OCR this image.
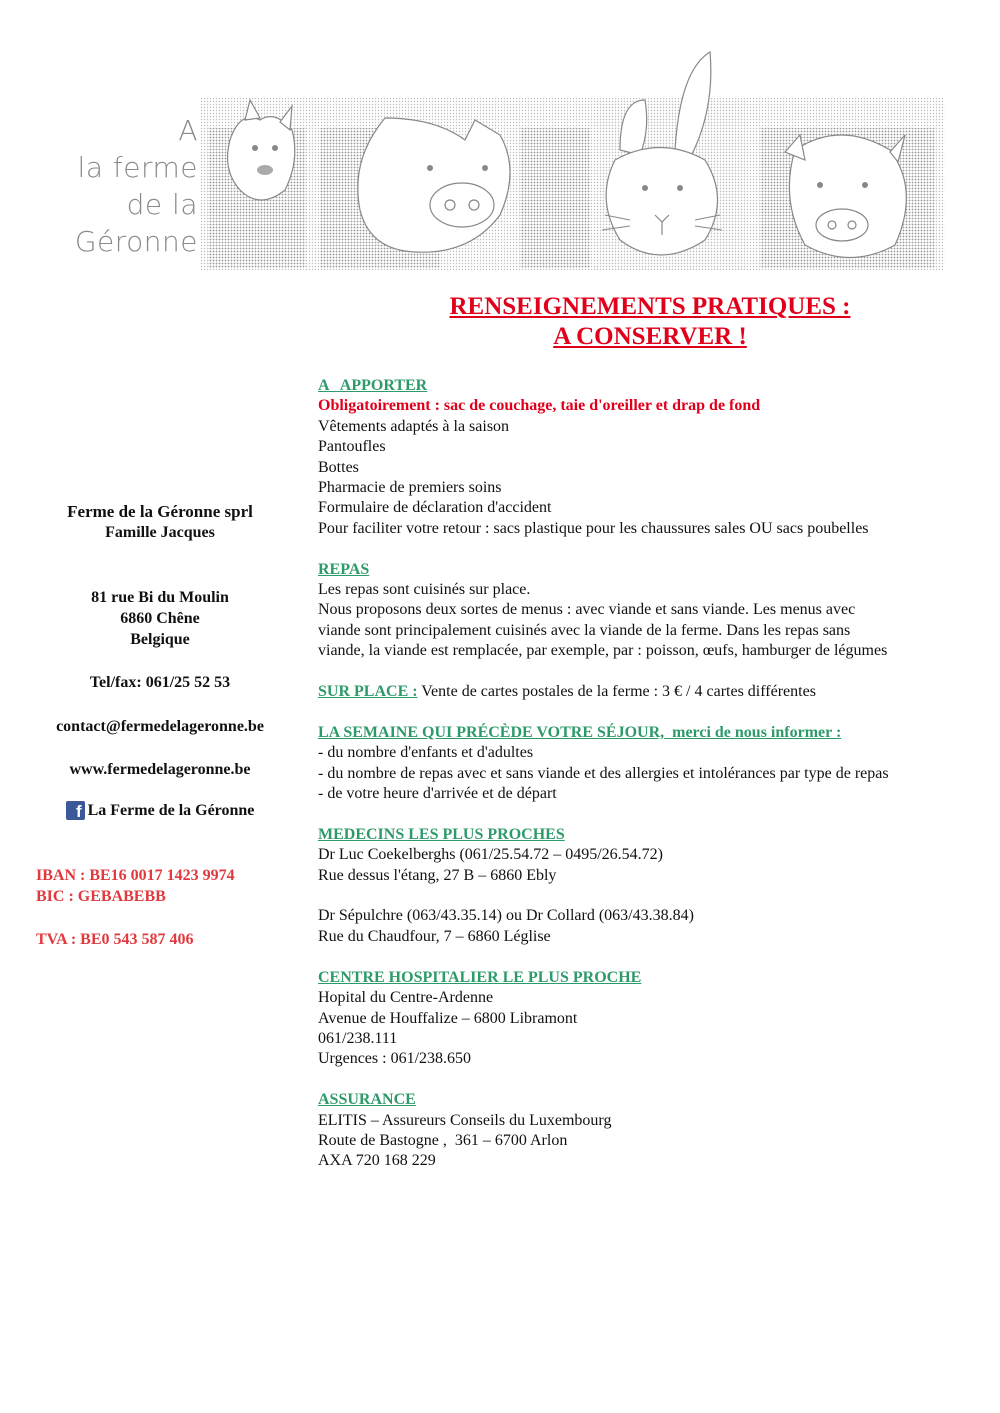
A
la ferme
de la
Géronne
RENSEIGNEMENTS PRATIQUES :
A CONSERVER !
Ferme de la Géronne sprl
Famille Jacques
81 rue Bi du Moulin
6860 Chêne
Belgique
Tel/fax: 061/25 52 53
contact@fermedelageronne.be
www.fermedelageronne.be
f La Ferme de la Géronne
IBAN : BE16 0017 1423 9974
BIC : GEBABEBB
TVA : BE0 543 587 406
A   APPORTER
Obligatoirement : sac de couchage, taie d'oreiller et drap de fond
Vêtements adaptés à la saison
Pantoufles
Bottes
Pharmacie de premiers soins
Formulaire de déclaration d'accident
Pour faciliter votre retour : sacs plastique pour les chaussures sales OU sacs poubelles
REPAS
Les repas sont cuisinés sur place.
Nous proposons deux sortes de menus : avec viande et sans viande. Les menus avec
viande sont principalement cuisinés avec la viande de la ferme. Dans les repas sans
viande, la viande est remplacée, par exemple, par : poisson, œufs, hamburger de légumes
SUR PLACE : Vente de cartes postales de la ferme : 3 € / 4 cartes différentes
LA SEMAINE QUI PRÉCÈDE VOTRE SÉJOUR,  merci de nous informer :
- du nombre d'enfants et d'adultes
- du nombre de repas avec et sans viande et des allergies et intolérances par type de repas
- de votre heure d'arrivée et de départ
MEDECINS LES PLUS PROCHES
Dr Luc Coekelberghs (061/25.54.72 – 0495/26.54.72)
Rue dessus l'étang, 27 B – 6860 Ebly
Dr Sépulchre (063/43.35.14) ou Dr Collard (063/43.38.84)
Rue du Chaudfour, 7 – 6860 Léglise
CENTRE HOSPITALIER LE PLUS PROCHE
Hopital du Centre-Ardenne
Avenue de Houffalize – 6800 Libramont
061/238.111
Urgences : 061/238.650
ASSURANCE
ELITIS – Assureurs Conseils du Luxembourg
Route de Bastogne ,  361 – 6700 Arlon
AXA 720 168 229
